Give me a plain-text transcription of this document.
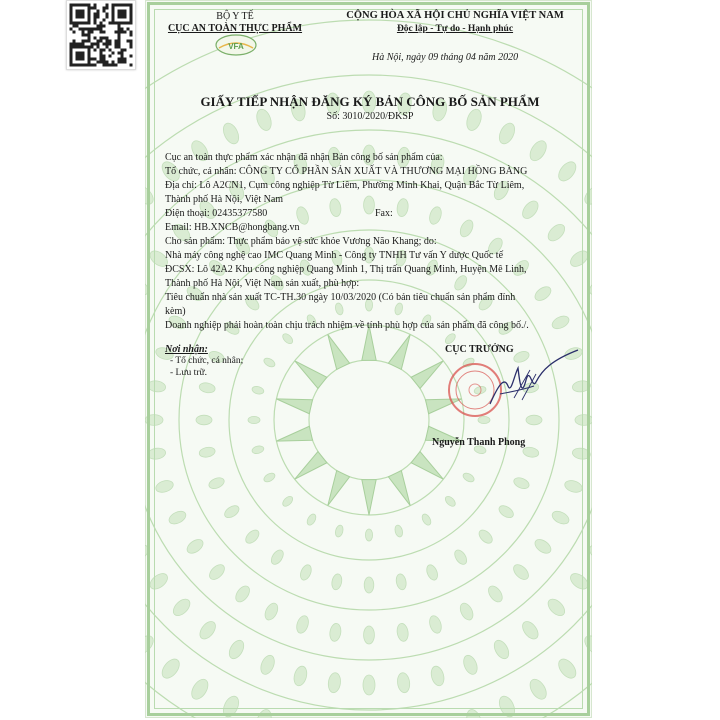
BỘ Y TẾ
CỤC AN TOÀN THỰC PHẨM
VFA
CỘNG HÒA XÃ HỘI CHỦ NGHĨA VIỆT NAM
Độc lập - Tự do - Hạnh phúc
Hà Nội, ngày 09 tháng 04 năm 2020
GIẤY TIẾP NHẬN ĐĂNG KÝ BẢN CÔNG BỐ SẢN PHẨM
Số: 3010/2020/ĐKSP
Cục an toàn thực phẩm xác nhận đã nhận Bản công bố sản phẩm của:
Tổ chức, cá nhân: CÔNG TY CỔ PHẦN SẢN XUẤT VÀ THƯƠNG MẠI HỒNG BÀNG
Địa chỉ: Lô A2CN1, Cụm công nghiệp Từ Liêm, Phường Minh Khai, Quận Bắc Từ Liêm,
Thành phố Hà Nội, Việt Nam
Điện thoại: 02435377580	Fax:
Email: HB.XNCB@hongbang.vn
Cho sản phẩm: Thực phẩm bảo vệ sức khỏe Vương Não Khang; do:
Nhà máy công nghệ cao IMC Quang Minh - Công ty TNHH Tư vấn Y dược Quốc tế
ĐCSX: Lô 42A2 Khu công nghiệp Quang Minh 1, Thị trấn Quang Minh, Huyện Mê Linh,
Thành phố Hà Nội, Việt Nam sản xuất, phù hợp:
Tiêu chuẩn nhà sản xuất TC-TH.30 ngày 10/03/2020 (Có bản tiêu chuẩn sản phẩm đính
kèm)
Doanh nghiệp phải hoàn toàn chịu trách nhiệm về tính phù hợp của sản phẩm đã công bố./.
Nơi nhận:
- Tổ chức, cá nhân;
- Lưu trữ.
CỤC TRƯỞNG
Nguyễn Thanh Phong
